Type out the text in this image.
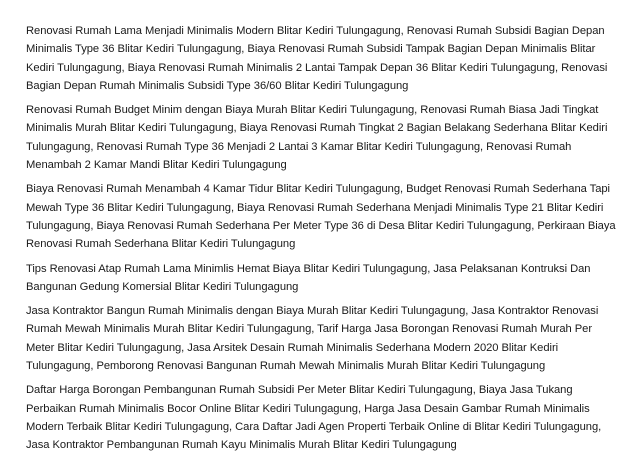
Renovasi Rumah Lama Menjadi Minimalis Modern Blitar Kediri Tulungagung, Renovasi Rumah Subsidi Bagian Depan Minimalis Type 36 Blitar Kediri Tulungagung, Biaya Renovasi Rumah Subsidi Tampak Bagian Depan Minimalis Blitar Kediri Tulungagung, Biaya Renovasi Rumah Minimalis 2 Lantai Tampak Depan 36 Blitar Kediri Tulungagung, Renovasi Bagian Depan Rumah Minimalis Subsidi Type 36/60 Blitar Kediri Tulungagung

Renovasi Rumah Budget Minim dengan Biaya Murah Blitar Kediri Tulungagung, Renovasi Rumah Biasa Jadi Tingkat Minimalis Murah Blitar Kediri Tulungagung, Biaya Renovasi Rumah Tingkat 2 Bagian Belakang Sederhana Blitar Kediri Tulungagung, Renovasi Rumah Type 36 Menjadi 2 Lantai 3 Kamar Blitar Kediri Tulungagung, Renovasi Rumah Menambah 2 Kamar Mandi Blitar Kediri Tulungagung

Biaya Renovasi Rumah Menambah 4 Kamar Tidur Blitar Kediri Tulungagung, Budget Renovasi Rumah Sederhana Tapi Mewah Type 36 Blitar Kediri Tulungagung, Biaya Renovasi Rumah Sederhana Menjadi Minimalis Type 21 Blitar Kediri Tulungagung, Biaya Renovasi Rumah Sederhana Per Meter Type 36 di Desa Blitar Kediri Tulungagung, Perkiraan Biaya Renovasi Rumah Sederhana Blitar Kediri Tulungagung

Tips Renovasi Atap Rumah Lama Minimlis Hemat Biaya Blitar Kediri Tulungagung, Jasa Pelaksanan Kontruksi Dan Bangunan Gedung Komersial Blitar Kediri Tulungagung

Jasa Kontraktor Bangun Rumah Minimalis dengan Biaya Murah Blitar Kediri Tulungagung, Jasa Kontraktor Renovasi Rumah Mewah Minimalis Murah Blitar Kediri Tulungagung, Tarif Harga Jasa Borongan Renovasi Rumah Murah Per Meter Blitar Kediri Tulungagung, Jasa Arsitek Desain Rumah Minimalis Sederhana Modern 2020 Blitar Kediri Tulungagung, Pemborong Renovasi Bangunan Rumah Mewah Minimalis Murah Blitar Kediri Tulungagung

Daftar Harga Borongan Pembangunan Rumah Subsidi Per Meter Blitar Kediri Tulungagung, Biaya Jasa Tukang Perbaikan Rumah Minimalis Bocor Online Blitar Kediri Tulungagung, Harga Jasa Desain Gambar Rumah Minimalis Modern Terbaik Blitar Kediri Tulungagung, Cara Daftar Jadi Agen Properti Terbaik Online di Blitar Kediri Tulungagung, Jasa Kontraktor Pembangunan Rumah Kayu Minimalis Murah Blitar Kediri Tulungagung
